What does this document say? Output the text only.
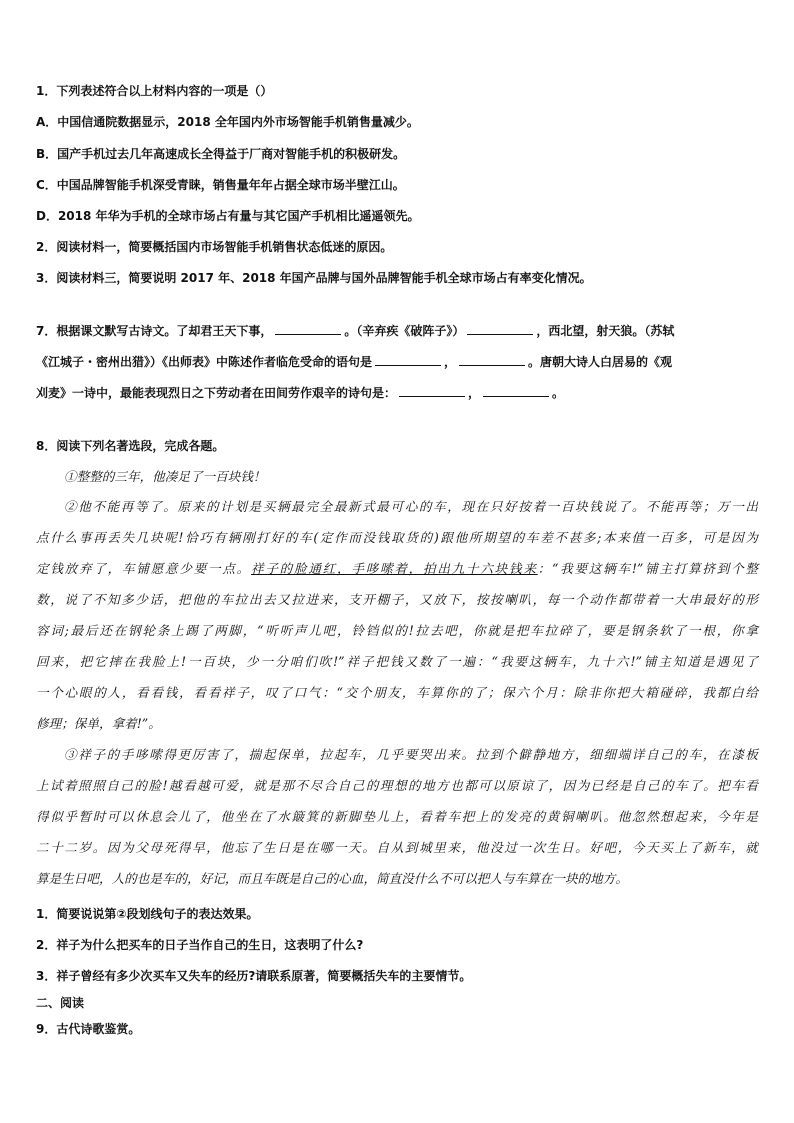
1．下列表述符合以上材料内容的一项是（）
A．中国信通院数据显示，2018 全年国内外市场智能手机销售量减少。
B．国产手机过去几年高速成长全得益于厂商对智能手机的积极研发。
C．中国品牌智能手机深受青睐，销售量年年占据全球市场半壁江山。
D．2018 年华为手机的全球市场占有量与其它国产手机相比遥遥领先。
2．阅读材料一，简要概括国内市场智能手机销售状态低迷的原因。
3．阅读材料三，简要说明 2017 年、2018 年国产品牌与国外品牌智能手机全球市场占有率变化情况。
7．根据课文默写古诗文。了却君王天下事，	。（辛弃疾《破阵子》）	，西北望，射天狼。（苏轼
《江城子・密州出猎》）《出师表》中陈述作者临危受命的语句是	，	。唐朝大诗人白居易的《观
刈麦》一诗中，最能表现烈日之下劳动者在田间劳作艰辛的诗句是：	，	。
8．阅读下列名著选段，完成各题。
①整整的三年，他凑足了一百块钱！
②他不能再等了。原来的计划是买辆最完全最新式最可心的车，现在只好按着一百块钱说了。不能再等；万一出
点什么事再丢失几块呢!恰巧有辆刚打好的车(定作而没钱取货的)跟他所期望的车差不甚多;本来值一百多，可是因为
定钱放弃了，车铺愿意少要一点。祥子的脸通红，手哆嗦着，拍出九十六块钱来：“我要这辆车!”铺主打算挤到个整
数，说了不知多少话，把他的车拉出去又拉进来，支开棚子，又放下，按按喇叭，每一个动作都带着一大串最好的形
容词;最后还在钢轮条上踢了两脚，“听听声儿吧，铃铛似的!拉去吧，你就是把车拉碎了，要是钢条软了一根，你拿
回来，把它摔在我脸上!一百块，少一分咱们吹!”祥子把钱又数了一遍：“我要这辆车，九十六!”铺主知道是遇见了
一个心眼的人，看看钱，看看祥子，叹了口气：“交个朋友，车算你的了；保六个月：除非你把大箱碰碎，我都白给
修理；保单，拿着!”。
③祥子的手哆嗦得更厉害了，揣起保单，拉起车，几乎要哭出来。拉到个僻静地方，细细端详自己的车，在漆板
上试着照照自己的脸!越看越可爱，就是那不尽合自己的理想的地方也都可以原谅了，因为已经是自己的车了。把车看
得似乎暂时可以休息会儿了，他坐在了水簸箕的新脚垫儿上，看着车把上的发亮的黄铜喇叭。他忽然想起来，今年是
二十二岁。因为父母死得早，他忘了生日是在哪一天。自从到城里来，他没过一次生日。好吧，今天买上了新车，就
算是生日吧，人的也是车的，好记，而且车既是自己的心血，简直没什么不可以把人与车算在一块的地方。
1．简要说说第②段划线句子的表达效果。
2．祥子为什么把买车的日子当作自己的生日，这表明了什么?
3．祥子曾经有多少次买车又失车的经历?请联系原著，简要概括失车的主要情节。
二、阅读
9．古代诗歌鉴赏。
